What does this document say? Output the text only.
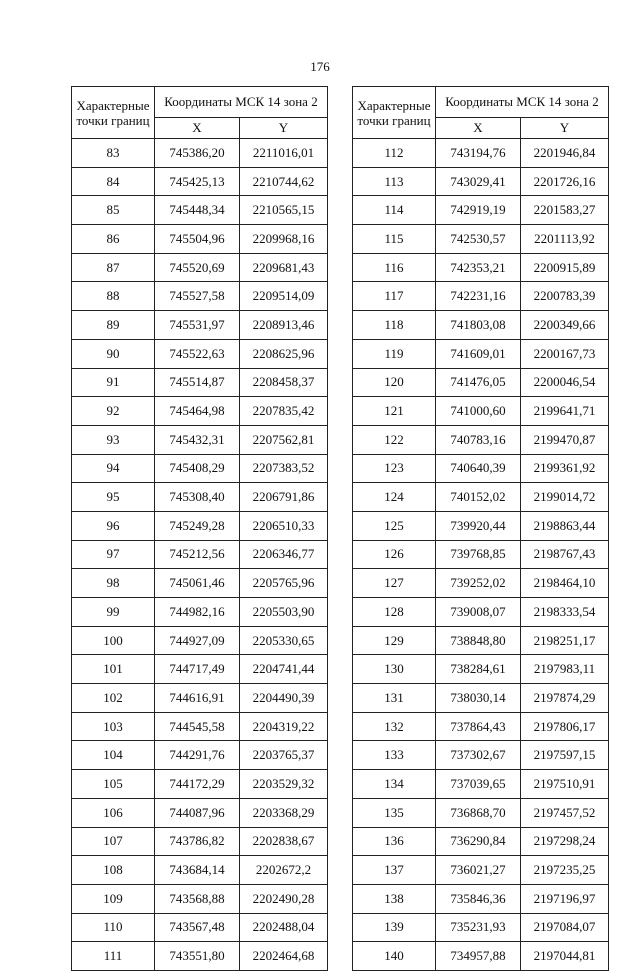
176
Характерные
точки границ	Координаты МСК 14 зона 2	
	X	Y
83	745386,20	2211016,01
84	745425,13	2210744,62
85	745448,34	2210565,15
86	745504,96	2209968,16
87	745520,69	2209681,43
88	745527,58	2209514,09
89	745531,97	2208913,46
90	745522,63	2208625,96
91	745514,87	2208458,37
92	745464,98	2207835,42
93	745432,31	2207562,81
94	745408,29	2207383,52
95	745308,40	2206791,86
96	745249,28	2206510,33
97	745212,56	2206346,77
98	745061,46	2205765,96
99	744982,16	2205503,90
100	744927,09	2205330,65
101	744717,49	2204741,44
102	744616,91	2204490,39
103	744545,58	2204319,22
104	744291,76	2203765,37
105	744172,29	2203529,32
106	744087,96	2203368,29
107	743786,82	2202838,67
108	743684,14	2202672,2
109	743568,88	2202490,28
110	743567,48	2202488,04
111	743551,80	2202464,68
Характерные
точки границ	Координаты МСК 14 зона 2	
	X	Y
112	743194,76	2201946,84
113	743029,41	2201726,16
114	742919,19	2201583,27
115	742530,57	2201113,92
116	742353,21	2200915,89
117	742231,16	2200783,39
118	741803,08	2200349,66
119	741609,01	2200167,73
120	741476,05	2200046,54
121	741000,60	2199641,71
122	740783,16	2199470,87
123	740640,39	2199361,92
124	740152,02	2199014,72
125	739920,44	2198863,44
126	739768,85	2198767,43
127	739252,02	2198464,10
128	739008,07	2198333,54
129	738848,80	2198251,17
130	738284,61	2197983,11
131	738030,14	2197874,29
132	737864,43	2197806,17
133	737302,67	2197597,15
134	737039,65	2197510,91
135	736868,70	2197457,52
136	736290,84	2197298,24
137	736021,27	2197235,25
138	735846,36	2197196,97
139	735231,93	2197084,07
140	734957,88	2197044,81
